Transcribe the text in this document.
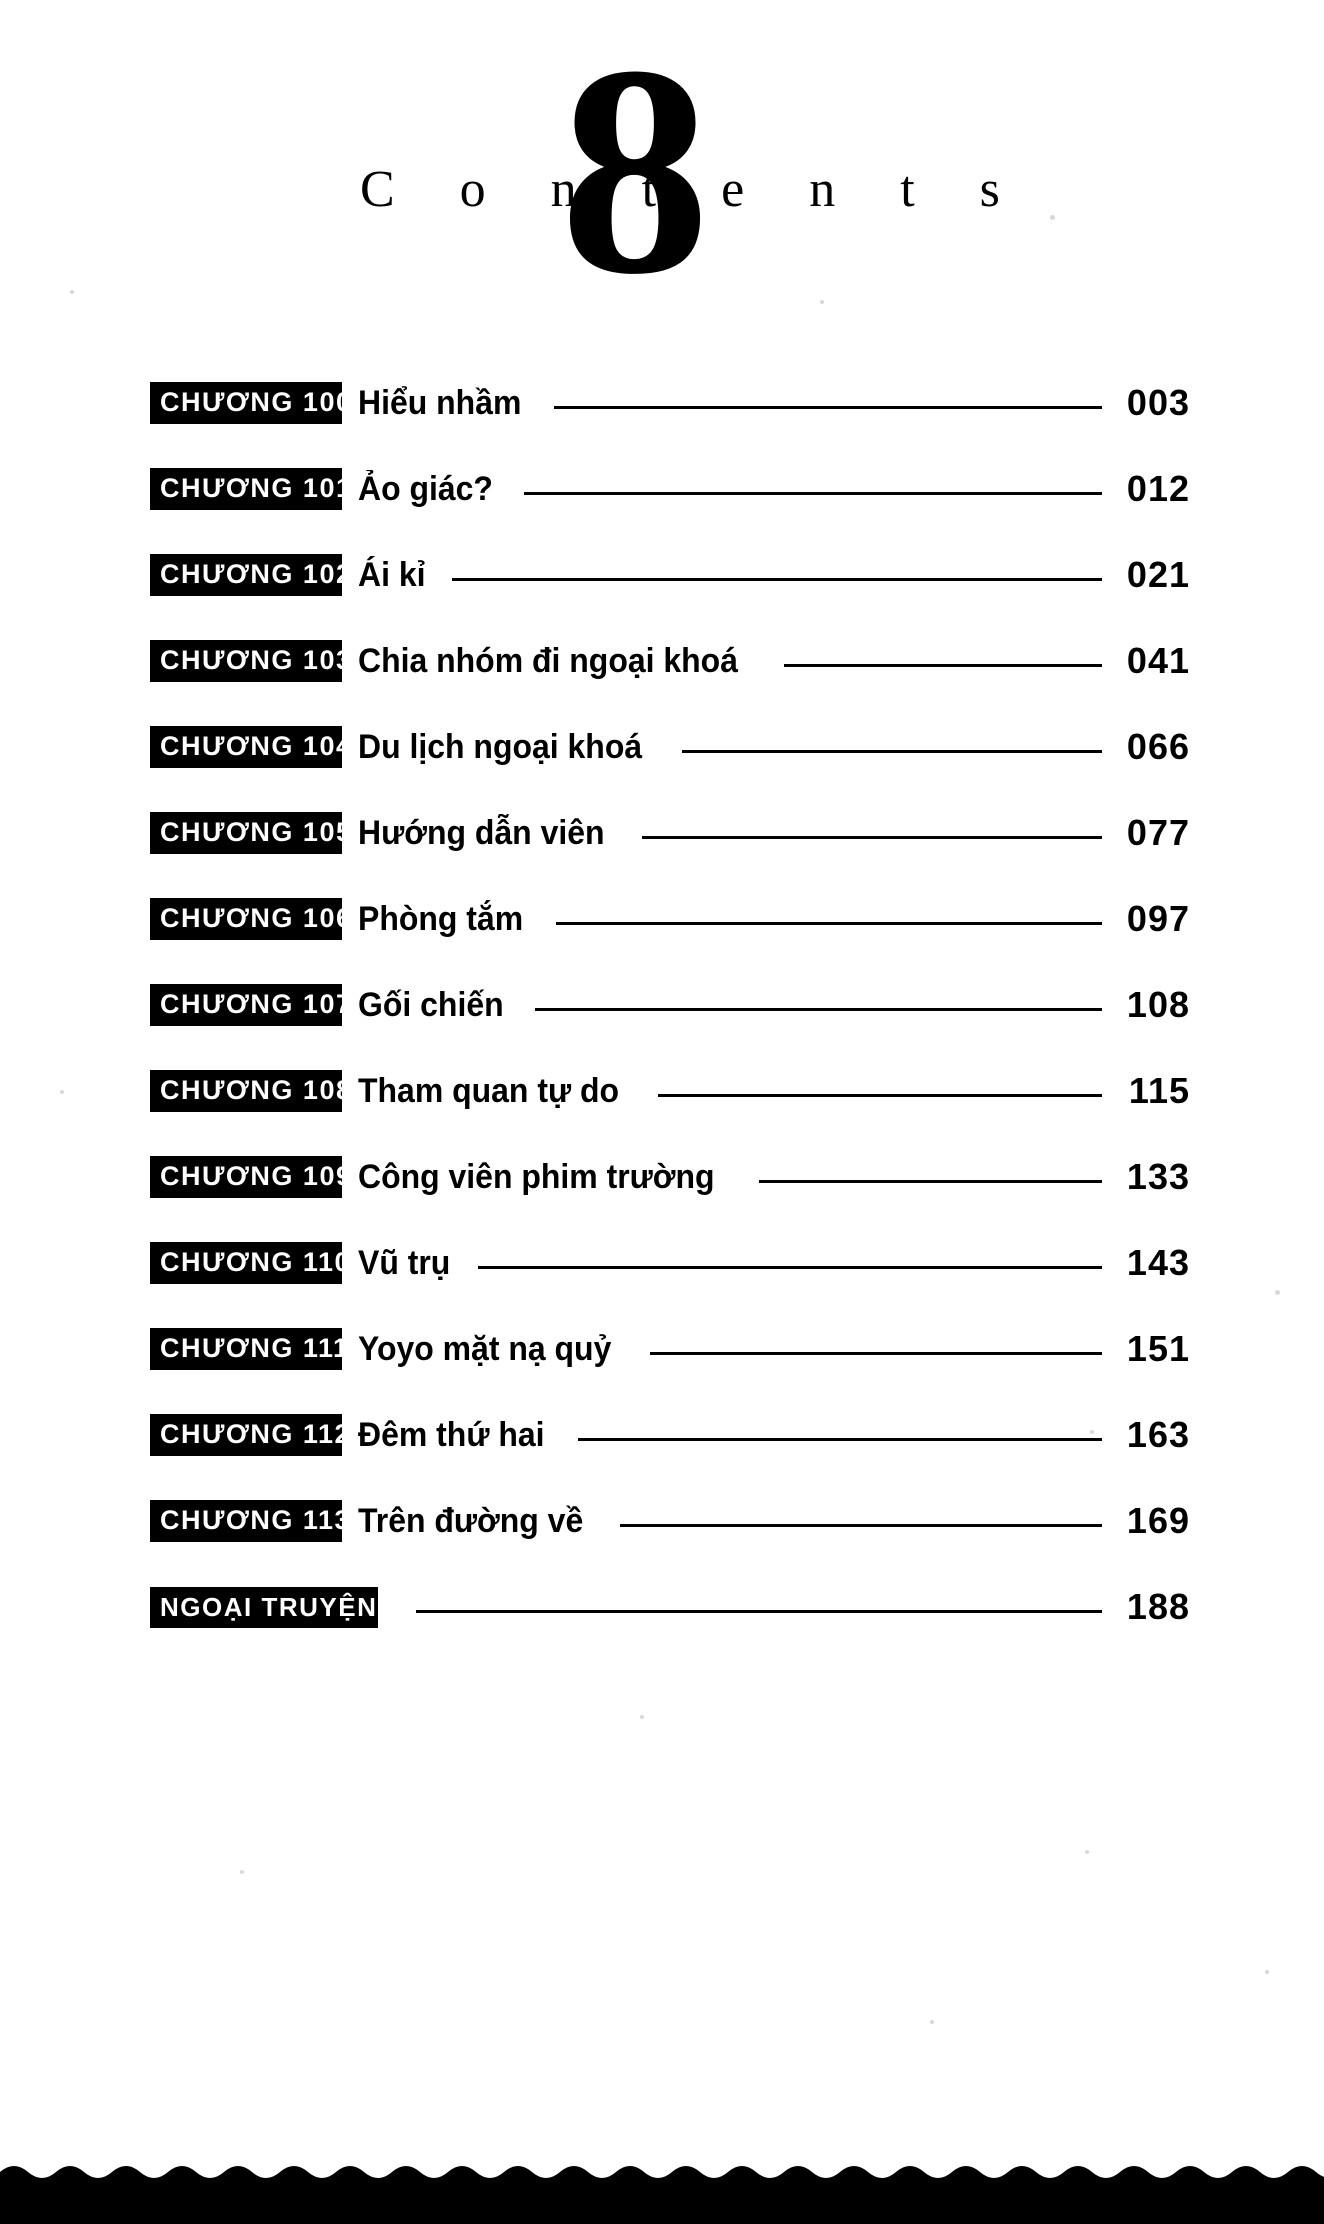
8
C o n t e n t s
CHƯƠNG 100 Hiểu nhầm	003
CHƯƠNG 101 Ảo giác?	012
CHƯƠNG 102 Ái kỉ	021
CHƯƠNG 103 Chia nhóm đi ngoại khoá	041
CHƯƠNG 104 Du lịch ngoại khoá	066
CHƯƠNG 105 Hướng dẫn viên	077
CHƯƠNG 106 Phòng tắm	097
CHƯƠNG 107 Gối chiến	108
CHƯƠNG 108 Tham quan tự do	115
CHƯƠNG 109 Công viên phim trường	133
CHƯƠNG 110 Vũ trụ	143
CHƯƠNG 111 Yoyo mặt nạ quỷ	151
CHƯƠNG 112 Đêm thứ hai	163
CHƯƠNG 113 Trên đường về	169
NGOẠI TRUYỆN	188
